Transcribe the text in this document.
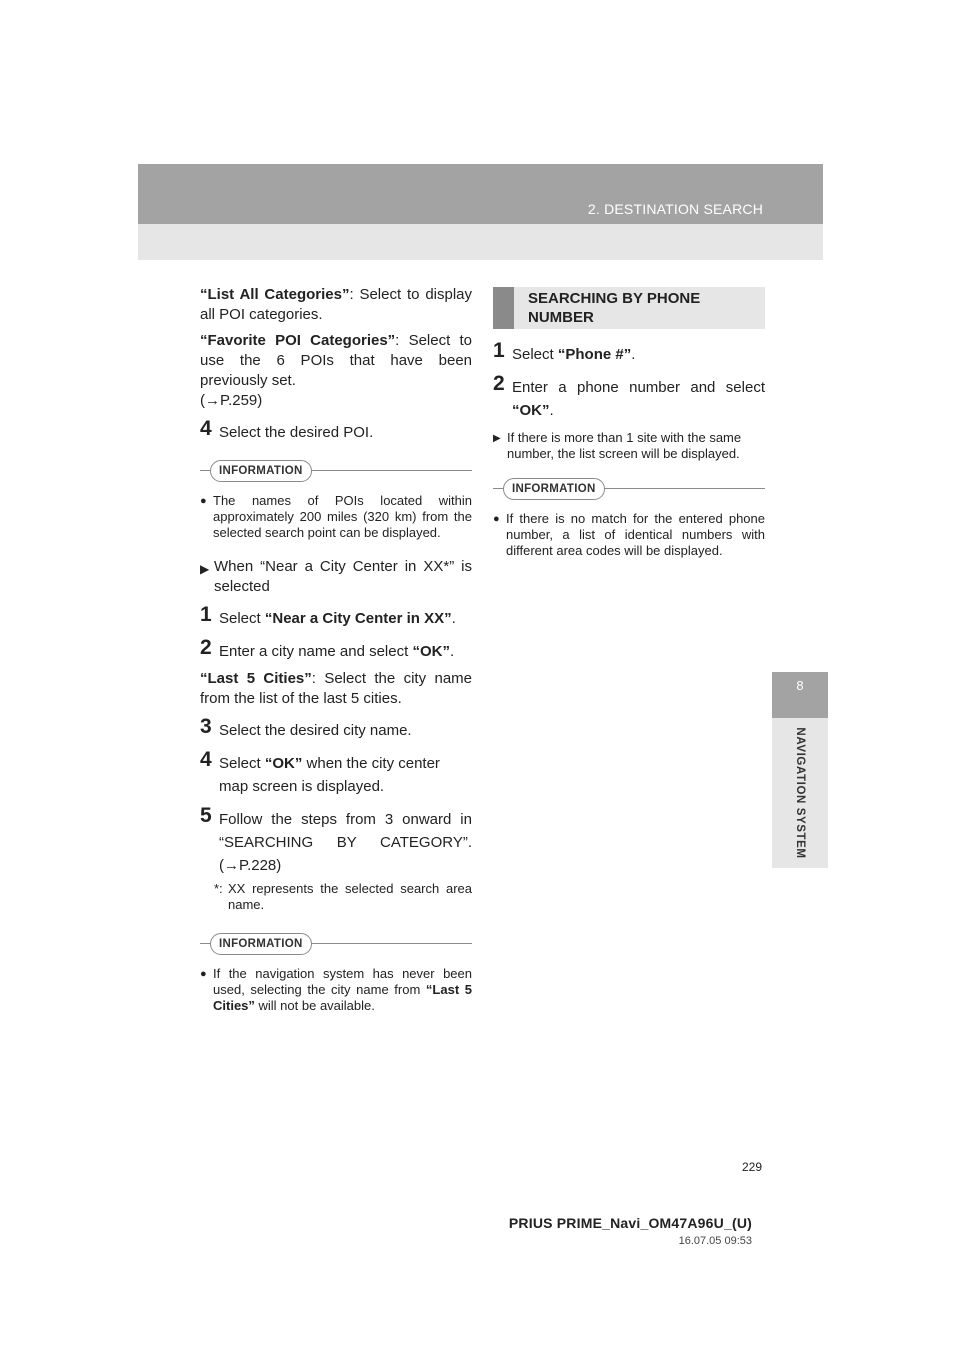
2. DESTINATION SEARCH
8
NAVIGATION SYSTEM

“List All Categories”: Select to display all POI categories.

“Favorite POI Categories”: Select to use the 6 POIs that have been previously set.
(→P.259)

4 Select the desired POI.
INFORMATION
● The names of POIs located within approximately 200 miles (320 km) from the selected search point can be displayed.
▶ When “Near a City Center in XX*” is selected
1 Select “Near a City Center in XX”.
2 Enter a city name and select “OK”.

“Last 5 Cities”: Select the city name from the list of the last 5 cities.

3 Select the desired city name.
4 Select “OK” when the city center map screen is displayed.
5 Follow the steps from 3 onward in “SEARCHING BY CATEGORY”. (→P.228)
*: XX represents the selected search area name.
INFORMATION
● If the navigation system has never been used, selecting the city name from “Last 5 Cities” will not be available.
SEARCHING BY PHONE NUMBER
1 Select “Phone #”.
2 Enter a phone number and select “OK”.
▶ If there is more than 1 site with the same number, the list screen will be displayed.
INFORMATION
● If there is no match for the entered phone number, a list of identical numbers with different area codes will be displayed.
229
PRIUS PRIME_Navi_OM47A96U_(U)
16.07.05 09:53
